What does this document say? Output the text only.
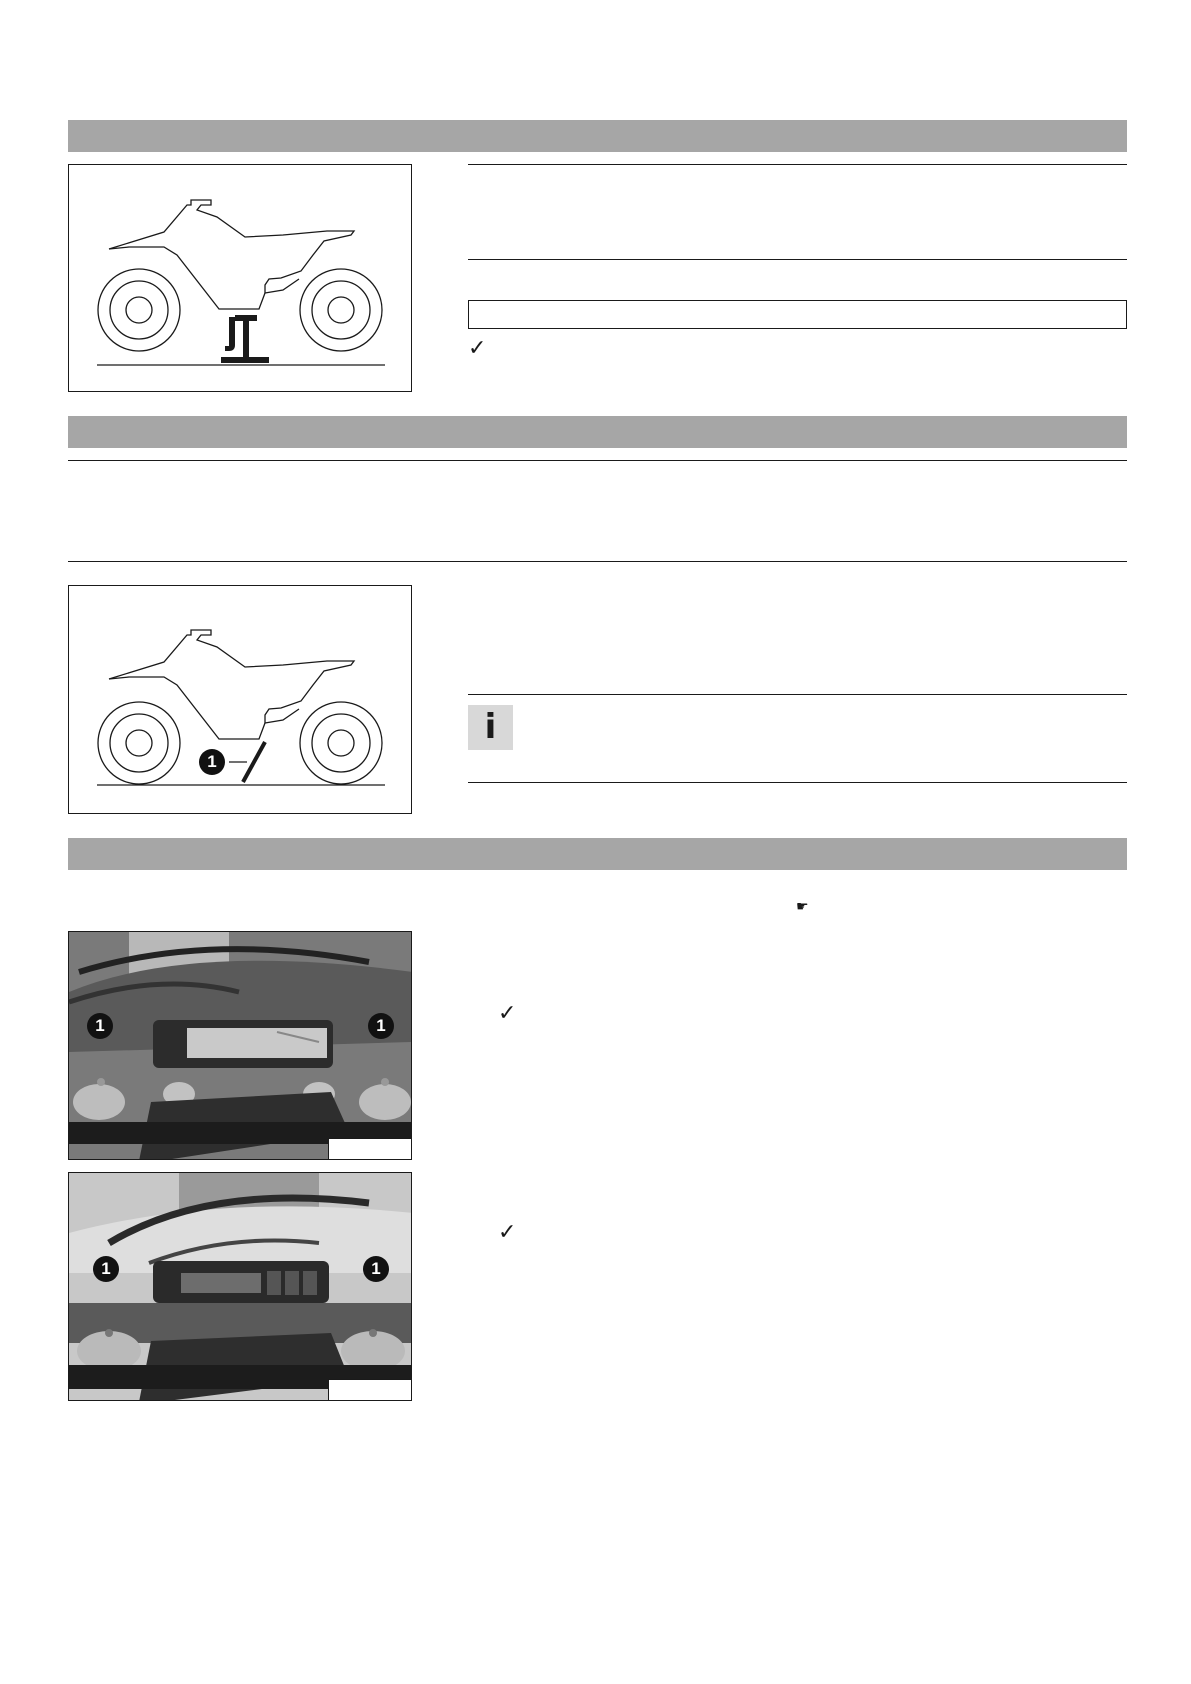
✓
1
i
☛
1	1	✓
1	1
✓
